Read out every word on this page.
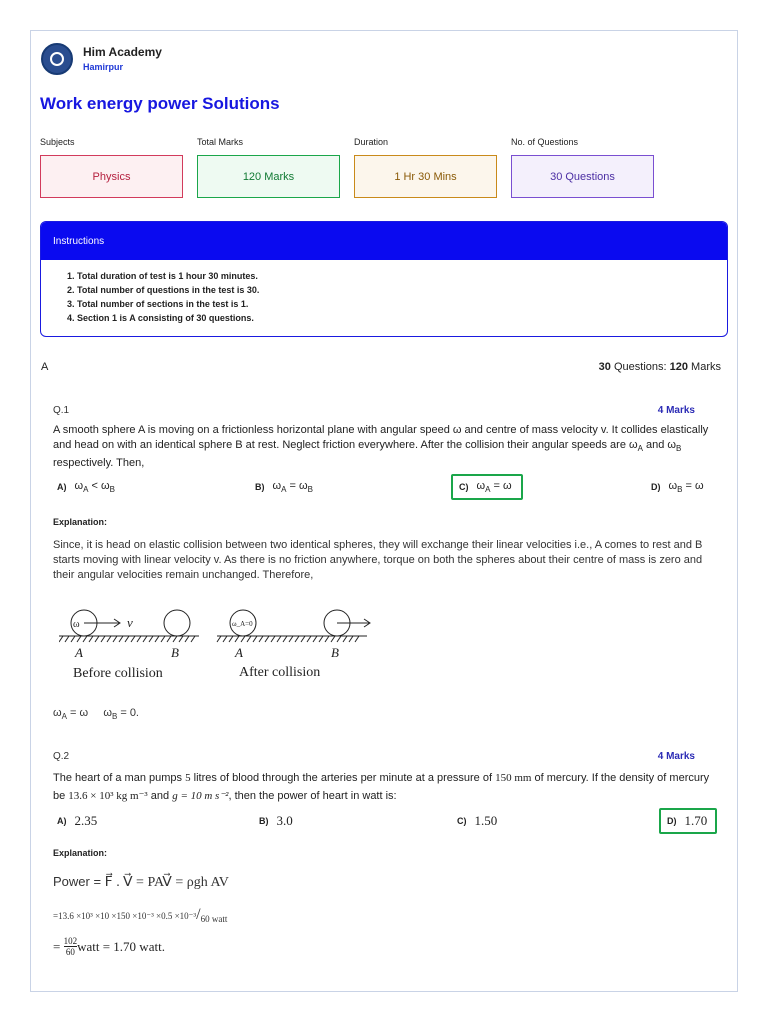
Him Academy
Hamirpur
Work energy power Solutions
Subjects	Total Marks	Duration	No. of Questions
Physics	120 Marks	1 Hr 30 Mins	30 Questions
Instructions
1. Total duration of test is 1 hour 30 minutes.
2. Total number of questions in the test is 30.
3. Total number of sections in the test is 1.
4. Section 1 is A consisting of 30 questions.
A	30 Questions: 120 Marks
Q.1	4 Marks
A smooth sphere A is moving on a frictionless horizontal plane with angular speed ω and centre of mass velocity v. It collides elastically and head on with an identical sphere B at rest. Neglect friction everywhere. After the collision their angular speeds are $\omega_A$ and $\omega_B$ respectively. Then,
A) $\omega_A < \omega_B$	B) $\omega_A = \omega_B$	C) $\omega_A = \omega$	D) $\omega_B = \omega$
Explanation:
Since, it is head on elastic collision between two identical spheres, they will exchange their linear velocities i.e., A comes to rest and B starts moving with linear velocity v. As there is no friction anywhere, torque on both the spheres about their centre of mass is zero and their angular velocities remain unchanged. Therefore,
ω	v
A	B
Before collision
ω_A=0
A	B
After collision
$\omega_A = \omega$ $\omega_B = 0$.
Q.2	4 Marks
The heart of a man pumps 5 litres of blood through the arteries per minute at a pressure of 150 mm of mercury. If the density of mercury be 13.6 × 10³ kg m⁻³ and g = 10 m s⁻², then the power of heart in watt is:
A) 2.35	B) 3.0	C) 1.50	D) 1.70
Explanation:
Power = F⃗ . V⃗ = PAV⃗ = ρgh AV
=13.6 ×10³ ×10 ×150 ×10⁻³ ×0.5 ×10⁻³/60 watt
= $\frac{102}{60}$ watt = 1.70 watt.
